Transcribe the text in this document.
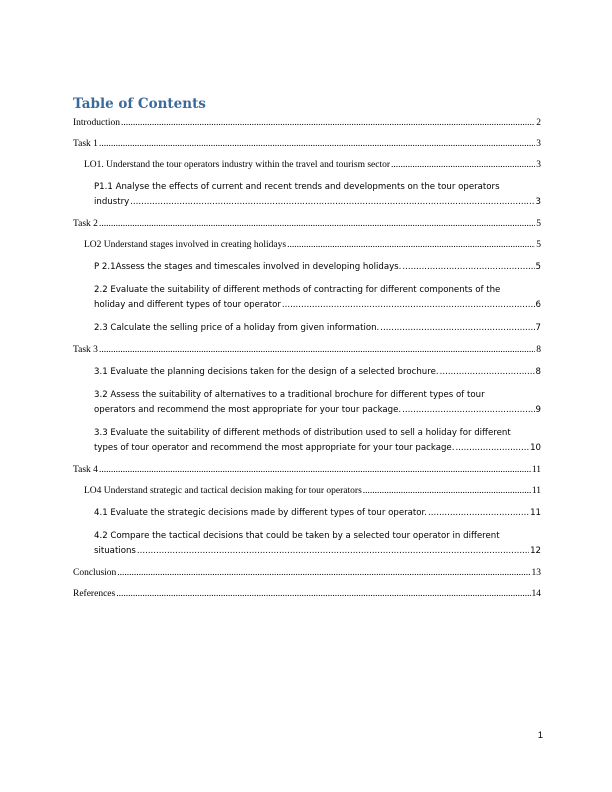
Table of Contents
Introduction .....	2
Task 1 .....	3
LO1. Understand the tour operators industry within the travel and tourism sector .....	3
P1.1 Analyse the effects of current and recent trends and developments on the tour operators
industry .....	3
Task 2 .....	5
LO2 Understand stages involved in creating holidays .....	5
P 2.1Assess the stages and timescales involved in developing holidays. .....	5
2.2 Evaluate the suitability of different methods of contracting for different components of the
holiday and different types of tour operator .....	6
2.3 Calculate the selling price of a holiday from given information. .....	7
Task 3 .....	8
3.1 Evaluate the planning decisions taken for the design of a selected brochure. .....	8
3.2 Assess the suitability of alternatives to a traditional brochure for different types of tour
operators and recommend the most appropriate for your tour package. .....	9
3.3 Evaluate the suitability of different methods of distribution used to sell a holiday for different
types of tour operator and recommend the most appropriate for your tour package. .....	10
Task 4 .....	11
LO4 Understand strategic and tactical decision making for tour operators .....	11
4.1 Evaluate the strategic decisions made by different types of tour operator. .....	11
4.2 Compare the tactical decisions that could be taken by a selected tour operator in different
situations .....	12
Conclusion .....	13
References .....	14
1
